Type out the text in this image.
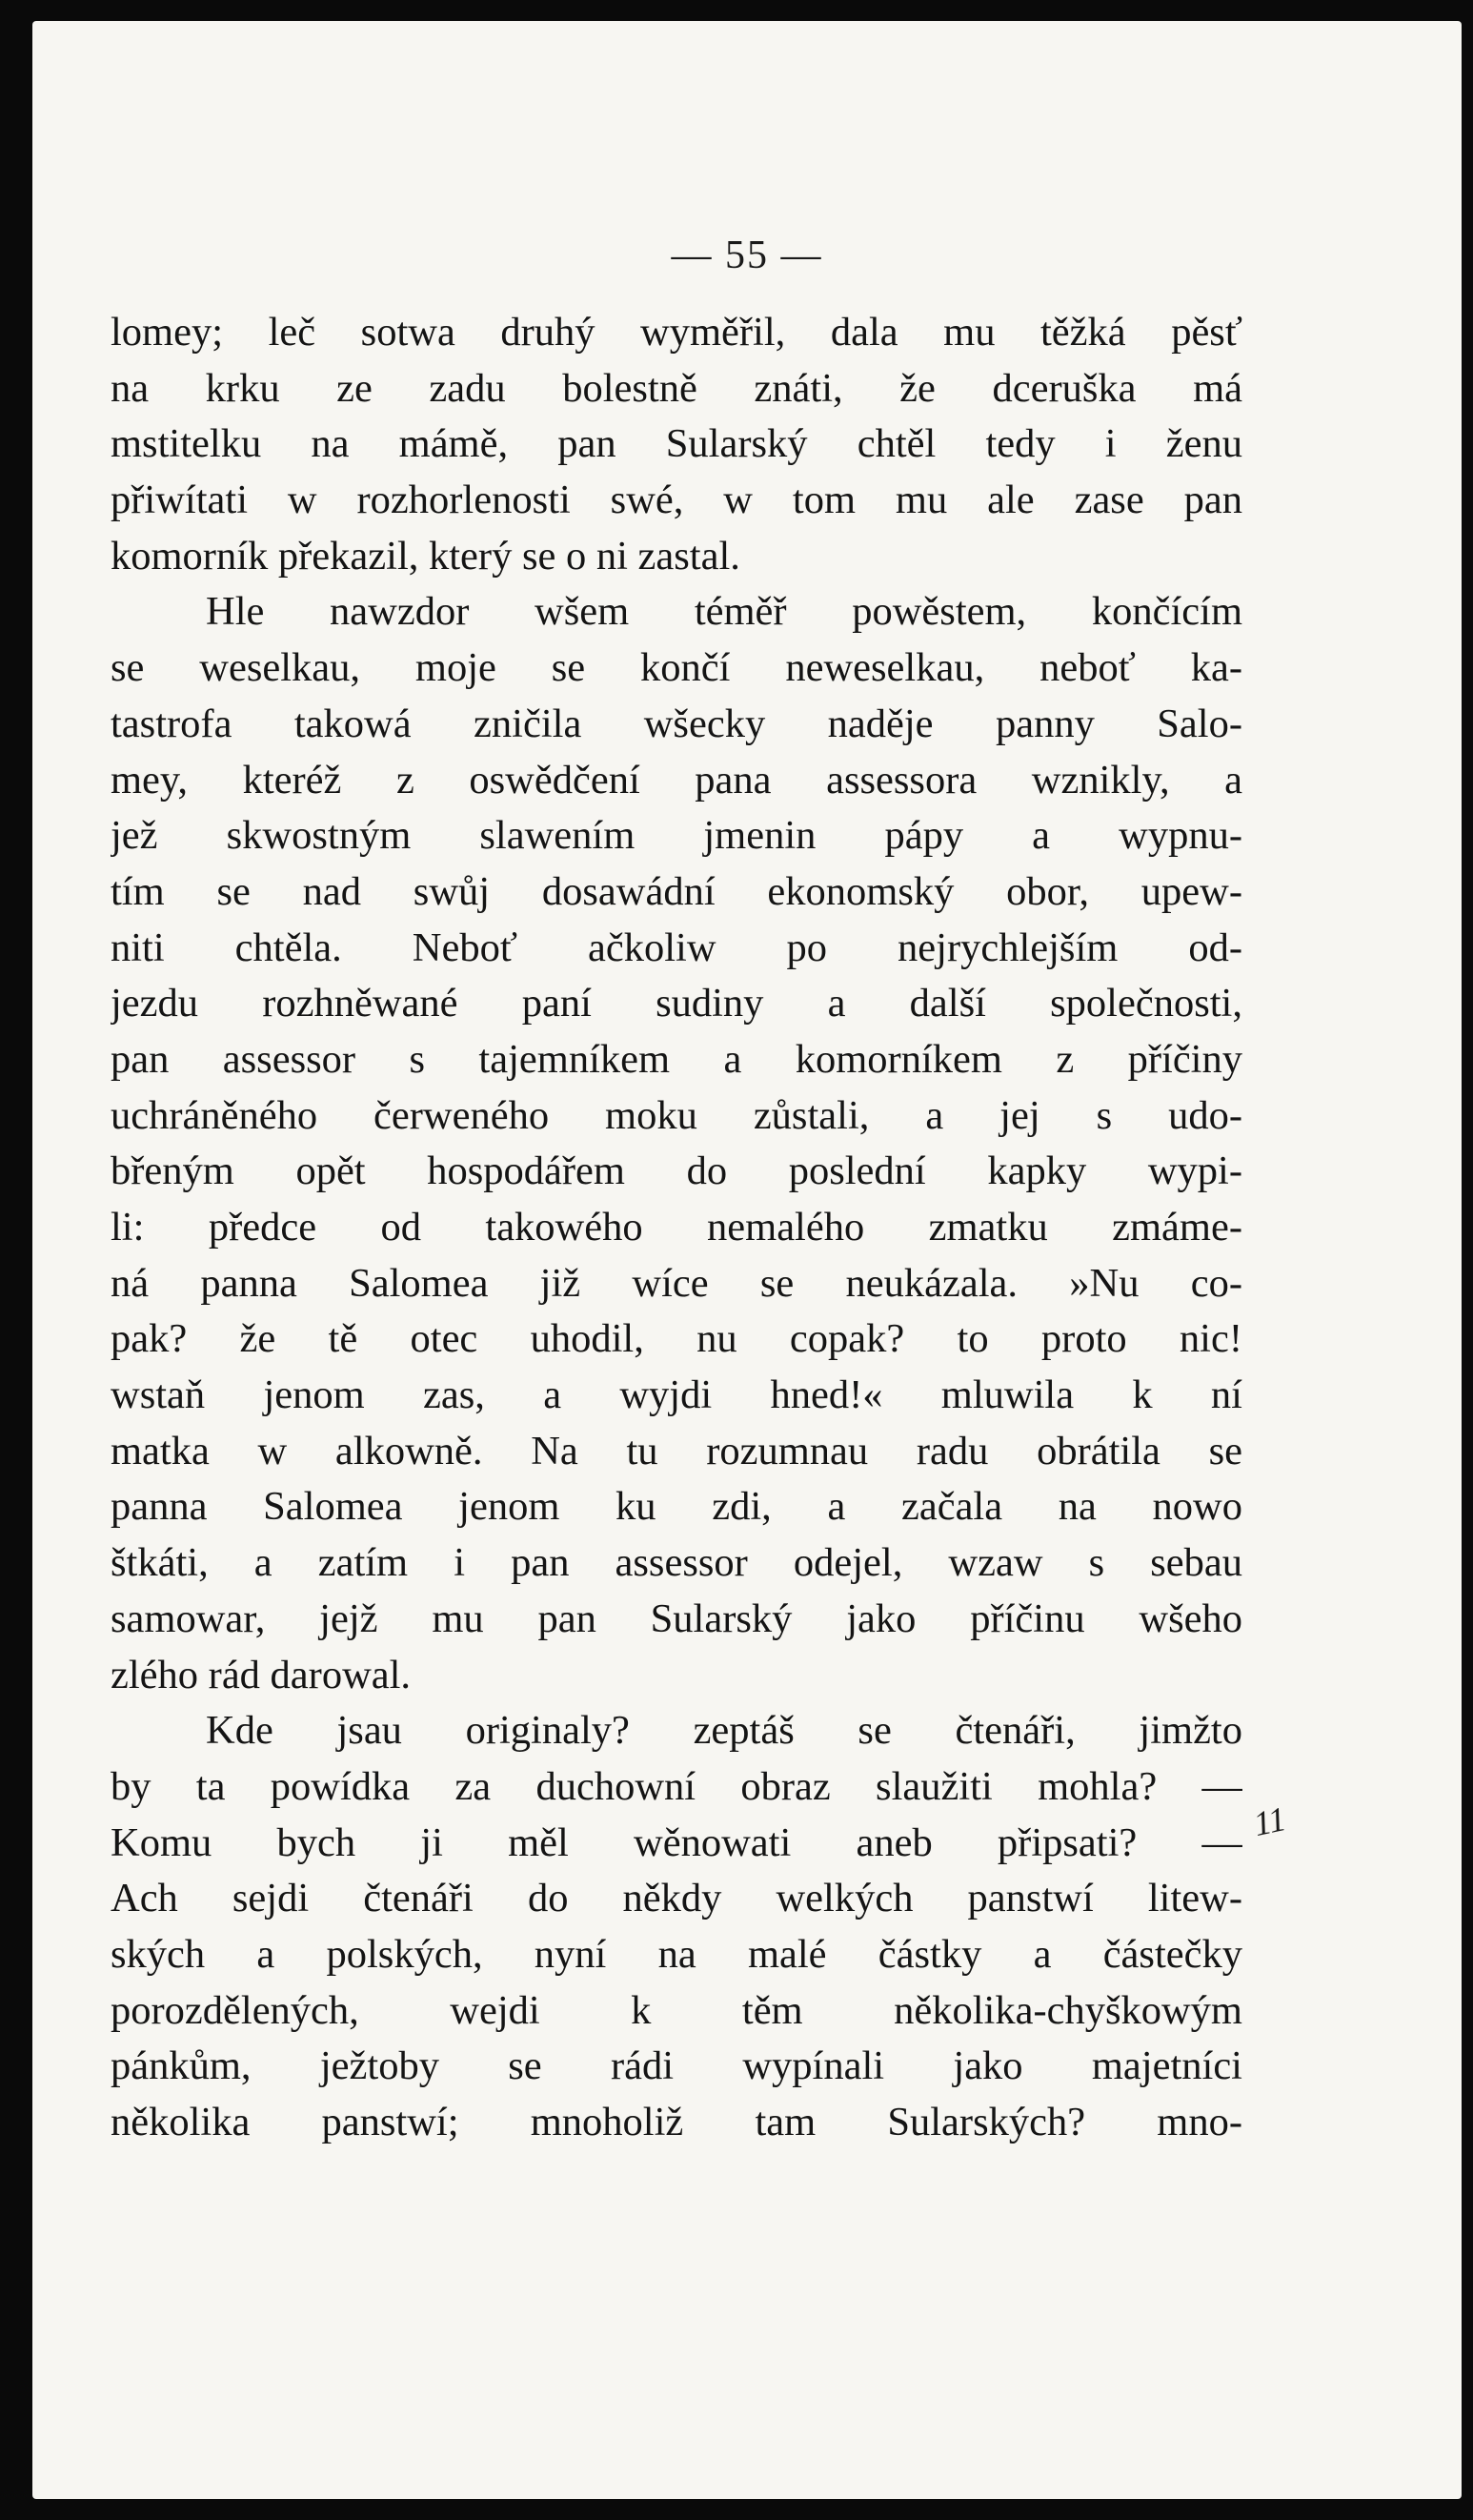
— 55 —
lomey; leč sotwa druhý wyměřil, dala mu těžká pěsť
na krku ze zadu bolestně znáti, že dceruška má
mstitelku na mámě, pan Sularský chtěl tedy i ženu
přiwítati w rozhorlenosti swé, w tom mu ale zase pan
komorník překazil, který se o ni zastal.
Hle nawzdor wšem téměř powěstem, končícím
se weselkau, moje se končí neweselkau, neboť ka-
tastrofa takowá zničila wšecky naděje panny Salo-
mey, kteréž z oswědčení pana assessora wznikly, a
jež skwostným slawením jmenin pápy a wypnu-
tím se nad swůj dosawádní ekonomský obor, upew-
niti chtěla. Neboť ačkoliw po nejrychlejším od-
jezdu rozhněwané paní sudiny a další společnosti,
pan assessor s tajemníkem a komorníkem z příčiny
uchráněného čerweného moku zůstali, a jej s udo-
břeným opět hospodářem do poslední kapky wypi-
li: předce od takowého nemalého zmatku zmáme-
ná panna Salomea již wíce se neukázala. »Nu co-
pak? že tě otec uhodil, nu copak? to proto nic!
wstaň jenom zas, a wyjdi hned!« mluwila k ní
matka w alkowně. Na tu rozumnau radu obrátila se
panna Salomea jenom ku zdi, a začala na nowo
štkáti, a zatím i pan assessor odejel, wzaw s sebau
samowar, jejž mu pan Sularský jako příčinu wšeho
zlého rád darowal.
Kde jsau originaly? zeptáš se čtenáři, jimžto
by ta powídka za duchowní obraz slaužiti mohla? —
Komu bych ji měl wěnowati aneb připsati? —
Ach sejdi čtenáři do někdy welkých panstwí litew-
ských a polských, nyní na malé částky a částečky
porozdělených, wejdi k těm několika-chyškowým
pánkům, ježtoby se rádi wypínali jako majetníci
několika panstwí; mnoholiž tam Sularských? mno-
11
